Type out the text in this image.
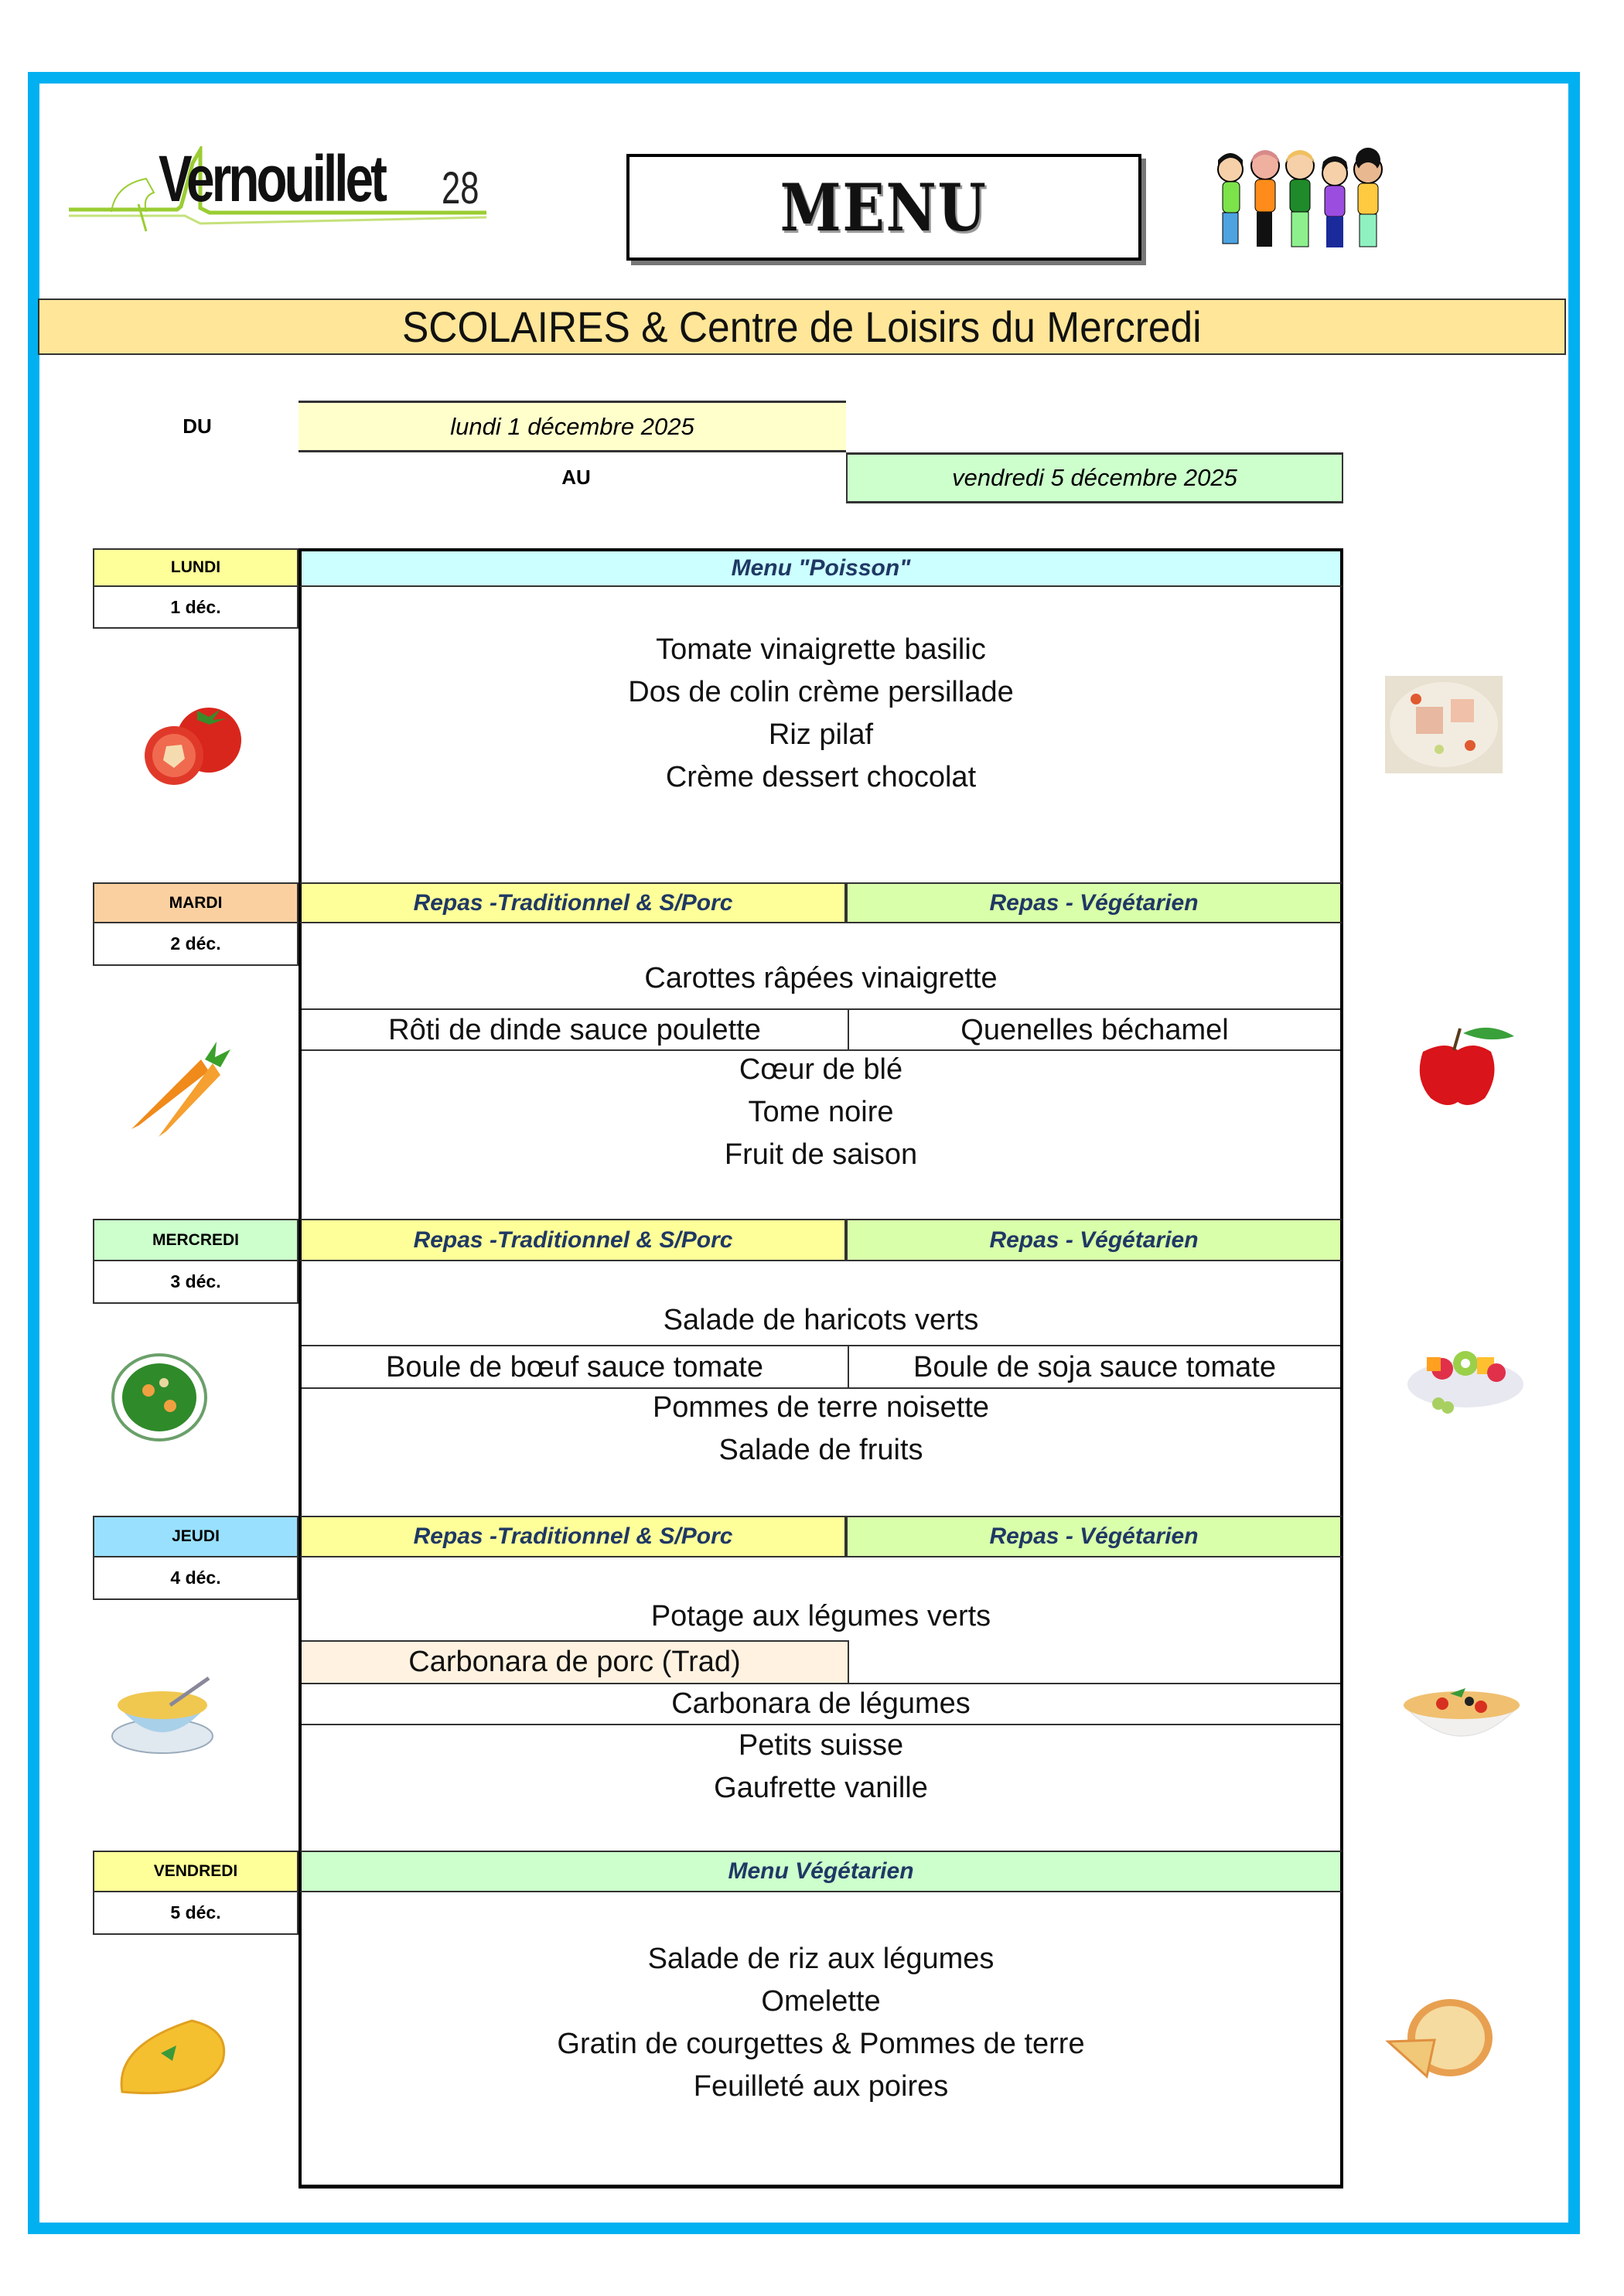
Vernouillet 28	MENU
SCOLAIRES & Centre de Loisirs du Mercredi
DU	lundi 1 décembre 2025
AU	vendredi 5 décembre 2025
LUNDI
1 déc.
Menu "Poisson"
Tomate vinaigrette basilic
Dos de colin crème persillade
Riz pilaf
Crème dessert chocolat
MARDI
2 déc.
Repas -Traditionnel & S/Porc	Repas - Végétarien
Carottes râpées vinaigrette
Rôti de dinde sauce poulette	Quenelles béchamel
Cœur de blé
Tome noire
Fruit de saison
MERCREDI
3 déc.
Repas -Traditionnel & S/Porc	Repas - Végétarien
Salade de haricots verts
Boule de bœuf sauce tomate	Boule de soja sauce tomate
Pommes de terre noisette
Salade de fruits
JEUDI
4 déc.
Repas -Traditionnel & S/Porc	Repas - Végétarien
Potage aux légumes verts
Carbonara de porc (Trad)
Carbonara de légumes
Petits suisse
Gaufrette vanille
VENDREDI
5 déc.
Menu Végétarien
Salade de riz aux légumes
Omelette
Gratin de courgettes & Pommes de terre
Feuilleté aux poires
